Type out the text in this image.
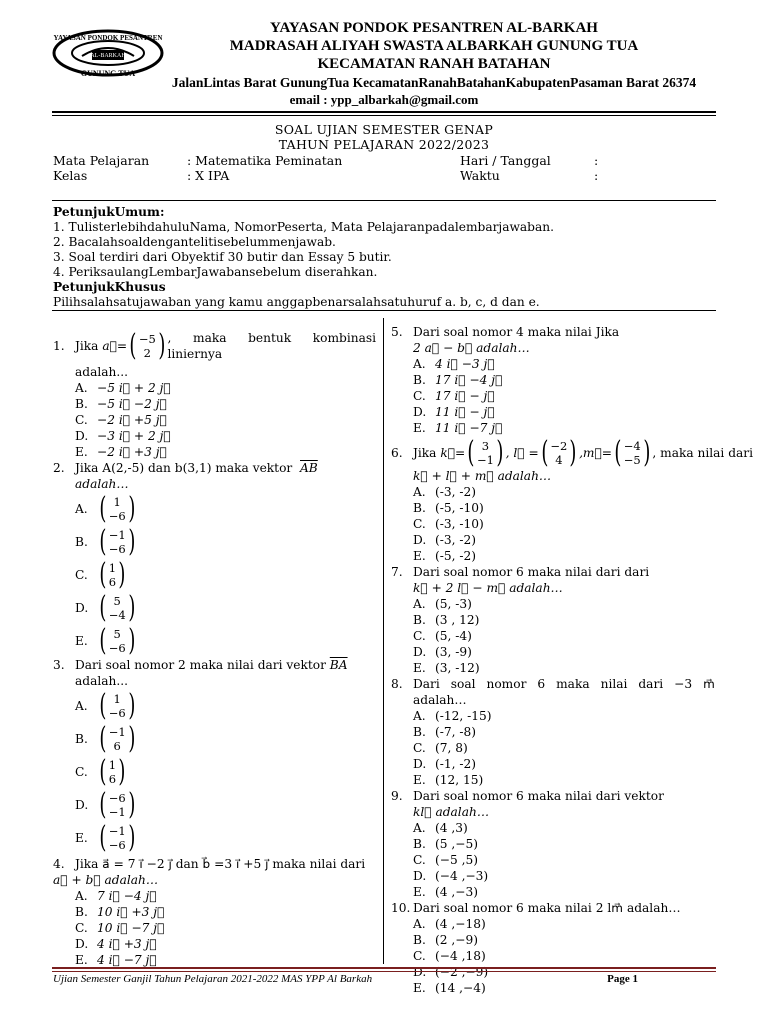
YAYASAN PONDOK PESANTREN
AL-BARKAH
GUNUNG TUA
YAYASAN PONDOK PESANTREN AL-BARKAH
MADRASAH ALIYAH SWASTA ALBARKAH GUNUNG TUA
KECAMATAN RANAH BATAHAN
JalanLintas Barat GunungTua KecamatanRanahBatahanKabupatenPasaman Barat 26374
email : ypp_albarkah@gmail.com
SOAL UJIAN SEMESTER GENAP
TAHUN PELAJARAN 2022/2023
Mata Pelajaran	: Matematika Peminatan	Hari / Tanggal	:
Kelas	: X IPA	Waktu	:
PetunjukUmum:
1. TulisterlebihdahuluNama, NomorPeserta, Mata Pelajaranpadalembarjawaban.
2. Bacalahsoaldengantelitisebelummenjawab.
3. Soal terdiri dari Obyektif 30 butir dan Essay 5 butir.
4. PeriksaulangLembarJawabansebelum diserahkan.
PetunjukKhusus
Pilihsalahsatujawaban yang kamu anggapbenarsalahsatuhuruf a. b, c, d dan e.
1. Jika
a⃗ = ( −5
2 ) , maka bentuk kombinasi liniernya
adalah...
A. −5 i⃗ + 2 j⃗
B. −5 i⃗ −2 j⃗
C. −2 i⃗ +5 j⃗
D. −3 i⃗ + 2 j⃗
E. −2 i⃗ +3 j⃗
2. Jika A(2,-5) dan b(3,1) maka vektor $\overline{AB}$
adalah…
A. ( 1
−6 )
B. ( −1
−6 )
C. ( 1
6 )
D. ( 5
−4 )
E. ( 5
−6 )
3. Dari soal nomor 2 maka nilai dari vektor $\overline{BA}$
adalah...
A. ( 1
−6 )
B. ( −1
6 )
C. ( 1
6 )
D. ( −6
−1 )
E. ( −1
−6 )
4. Jika a⃗ = 7 i⃗ −2 j⃗ dan b⃗ =3 i⃗ +5 j⃗ maka nilai dari
a⃗ + b⃗ adalah…
A. 7 i⃗ −4 j⃗
B. 10 i⃗ +3 j⃗
C. 10 i⃗ −7 j⃗
D. 4 i⃗ +3 j⃗
E. 4 i⃗ −7 j⃗
5. Dari soal nomor 4 maka nilai Jika
2 a⃗ − b⃗ adalah…
A. 4 i⃗ −3 j⃗
B. 17 i⃗ −4 j⃗
C. 17 i⃗ − j⃗
D. 11 i⃗ − j⃗
E. 11 i⃗ −7 j⃗
6. Jika
k⃗= ( 3
−1 ) , l⃗ = ( −2
4 ) ,m⃗= ( −4
−5 ) , maka nilai dari
k⃗ + l⃗ + m⃗ adalah…
A. (-3, -2)
B. (-5, -10)
C. (-3, -10)
D. (-3, -2)
E. (-5, -2)
7. Dari soal nomor 6 maka nilai dari dari
k⃗ + 2 l⃗ − m⃗ adalah…
A. (5, -3)
B. (3 , 12)
C. (5, -4)
D. (3, -9)
E. (3, -12)
8. Dari soal nomor 6 maka nilai dari −3 m⃗ adalah…
A. (-12, -15)
B. (-7, -8)
C. (7, 8)
D. (-1, -2)
E. (12, 15)
9. Dari soal nomor 6 maka nilai dari vektor
kl⃗ adalah…
A. (4 ,3)
B. (5 ,−5)
C. (−5 ,5)
D. (−4 ,−3)
E. (4 ,−3)
10. Dari soal nomor 6 maka nilai 2 lm⃗ adalah…
A. (4 ,−18)
B. (2 ,−9)
C. (−4 ,18)
D. (−2 ,−9)
E. (14 ,−4)
Ujian Semester Ganjil Tahun Pelajaran 2021-2022 MAS YPP Al Barkah	Page 1
